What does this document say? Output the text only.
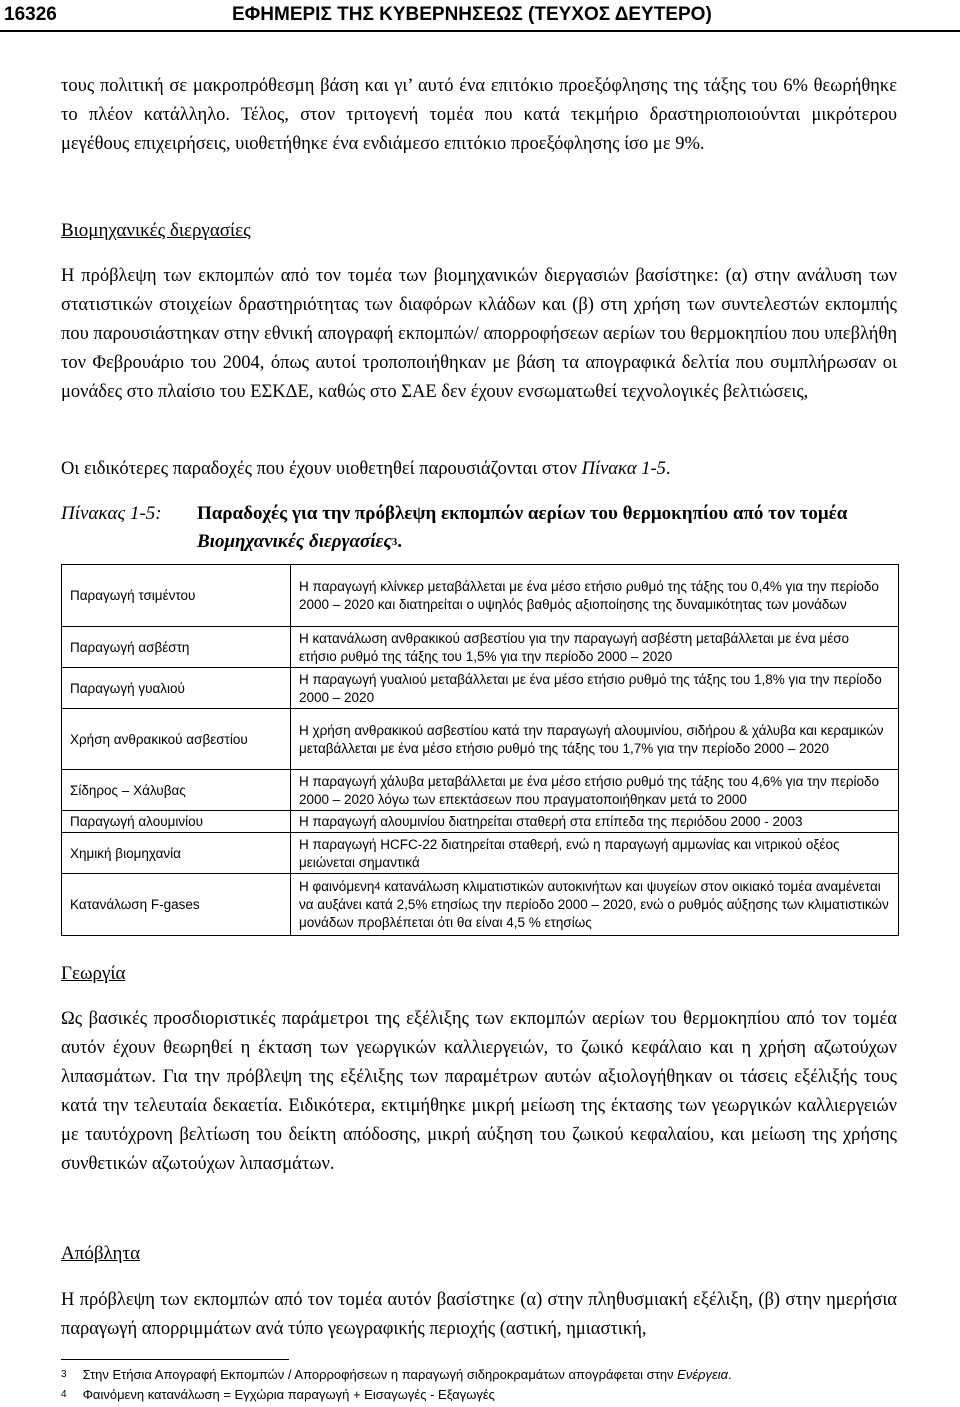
16326	ΕΦΗΜΕΡΙΣ ΤΗΣ ΚΥΒΕΡΝΗΣΕΩΣ (ΤΕΥΧΟΣ ΔΕΥΤΕΡΟ)
τους πολιτική σε μακροπρόθεσμη βάση και γι’ αυτό ένα επιτόκιο προεξόφλησης της τάξης του 6% θεωρήθηκε το πλέον κατάλληλο. Τέλος, στον τριτογενή τομέα που κατά τεκμήριο δραστηριοποιούνται μικρότερου μεγέθους επιχειρήσεις, υιοθετήθηκε ένα ενδιάμεσο επιτόκιο προεξόφλησης ίσο με 9%.
Βιομηχανικές διεργασίες
Η πρόβλεψη των εκπομπών από τον τομέα των βιομηχανικών διεργασιών βασίστηκε: (α) στην ανάλυση των στατιστικών στοιχείων δραστηριότητας των διαφόρων κλάδων και (β) στη χρήση των συντελεστών εκπομπής που παρουσιάστηκαν στην εθνική απογραφή εκπομπών/ απορροφήσεων αερίων του θερμοκηπίου που υπεβλήθη τον Φεβρουάριο του 2004, όπως αυτοί τροποποιήθηκαν με βάση τα απογραφικά δελτία που συμπλήρωσαν οι μονάδες στο πλαίσιο του ΕΣΚΔΕ, καθώς στο ΣΑΕ δεν έχουν ενσωματωθεί τεχνολογικές βελτιώσεις,
Οι ειδικότερες παραδοχές που έχουν υιοθετηθεί παρουσιάζονται στον Πίνακα 1-5.
Πίνακας 1-5: Παραδοχές για την πρόβλεψη εκπομπών αερίων του θερμοκηπίου από τον τομέα Βιομηχανικές διεργασίες$^3$.
Παραγωγή τσιμέντου	Η παραγωγή κλίνκερ μεταβάλλεται με ένα μέσο ετήσιο ρυθμό της τάξης του 0,4% για την περίοδο 2000 – 2020 και διατηρείται ο υψηλός βαθμός αξιοποίησης της δυναμικότητας των μονάδων
Παραγωγή ασβέστη	Η κατανάλωση ανθρακικού ασβεστίου για την παραγωγή ασβέστη μεταβάλλεται με ένα μέσο ετήσιο ρυθμό της τάξης του 1,5% για την περίοδο 2000 – 2020
Παραγωγή γυαλιού	Η παραγωγή γυαλιού μεταβάλλεται με ένα μέσο ετήσιο ρυθμό της τάξης του 1,8% για την περίοδο 2000 – 2020
Χρήση ανθρακικού ασβεστίου	Η χρήση ανθρακικού ασβεστίου κατά την παραγωγή αλουμινίου, σιδήρου & χάλυβα και κεραμικών μεταβάλλεται με ένα μέσο ετήσιο ρυθμό της τάξης του 1,7% για την περίοδο 2000 – 2020
Σίδηρος – Χάλυβας	Η παραγωγή χάλυβα μεταβάλλεται με ένα μέσο ετήσιο ρυθμό της τάξης του 4,6% για την περίοδο 2000 – 2020 λόγω των επεκτάσεων που πραγματοποιήθηκαν μετά το 2000
Παραγωγή αλουμινίου	Η παραγωγή αλουμινίου διατηρείται σταθερή στα επίπεδα της περιόδου 2000 - 2003
Χημική βιομηχανία	Η παραγωγή HCFC-22 διατηρείται σταθερή, ενώ η παραγωγή αμμωνίας και νιτρικού οξέος μειώνεται σημαντικά
Κατανάλωση F-gases	Η φαινόμενη$^4$ κατανάλωση κλιματιστικών αυτοκινήτων και ψυγείων στον οικιακό τομέα αναμένεται να αυξάνει κατά 2,5% ετησίως την περίοδο 2000 – 2020, ενώ ο ρυθμός αύξησης των κλιματιστικών μονάδων προβλέπεται ότι θα είναι 4,5 % ετησίως
Γεωργία
Ως βασικές προσδιοριστικές παράμετροι της εξέλιξης των εκπομπών αερίων του θερμοκηπίου από τον τομέα αυτόν έχουν θεωρηθεί η έκταση των γεωργικών καλλιεργειών, το ζωικό κεφάλαιο και η χρήση αζωτούχων λιπασμάτων. Για την πρόβλεψη της εξέλιξης των παραμέτρων αυτών αξιολογήθηκαν οι τάσεις εξέλιξής τους κατά την τελευταία δεκαετία. Ειδικότερα, εκτιμήθηκε μικρή μείωση της έκτασης των γεωργικών καλλιεργειών με ταυτόχρονη βελτίωση του δείκτη απόδοσης, μικρή αύξηση του ζωικού κεφαλαίου, και μείωση της χρήσης συνθετικών αζωτούχων λιπασμάτων.
Απόβλητα
Η πρόβλεψη των εκπομπών από τον τομέα αυτόν βασίστηκε (α) στην πληθυσμιακή εξέλιξη, (β) στην ημερήσια παραγωγή απορριμμάτων ανά τύπο γεωγραφικής περιοχής (αστική, ημιαστική,
$^3$ Στην Ετήσια Απογραφή Εκπομπών / Απορροφήσεων η παραγωγή σιδηροκραμάτων απογράφεται στην Ενέργεια.
$^4$ Φαινόμενη κατανάλωση = Εγχώρια παραγωγή + Εισαγωγές - Εξαγωγές
